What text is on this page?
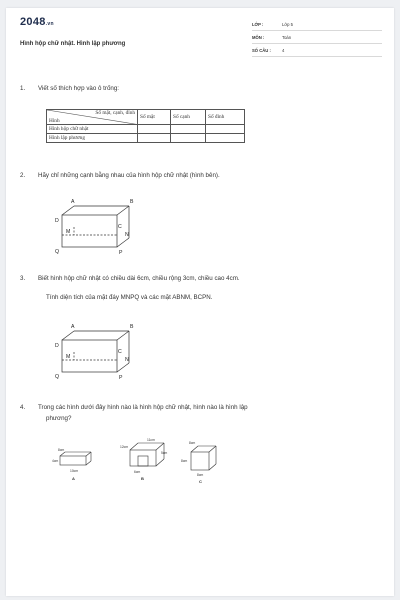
2048.vn
Hình hộp chữ nhật. Hình lập phương
LỚP :	Lớp 5
MÔN :	Toán
SỐ CÂU :	4
1. Viết số thích hợp vào ô trống:
Số mặt, cạnh, đỉnh
Hình	Số mặt	Số cạnh	Số đỉnh
Hình hộp chữ nhật			
Hình lập phương			
2. Hãy chỉ những cạnh bằng nhau của hình hộp chữ nhật (hình bên).
A	B
C
D
M	N
P
Q
3. Biết hình hộp chữ nhật có chiều dài 6cm, chiều rộng 3cm, chiều cao 4cm.
Tính diện tích của mặt đáy MNPQ và các mặt ABNM, BCPN.
A	B
C
D
M	N
P
Q
4. Trong các hình dưới đây hình nào là hình hộp chữ nhật, hình nào là hình lập
phương?
8cm
4cm
10cm
A
11cm
12cm
5cm
6cm
B
8cm
8cm
8cm
C
